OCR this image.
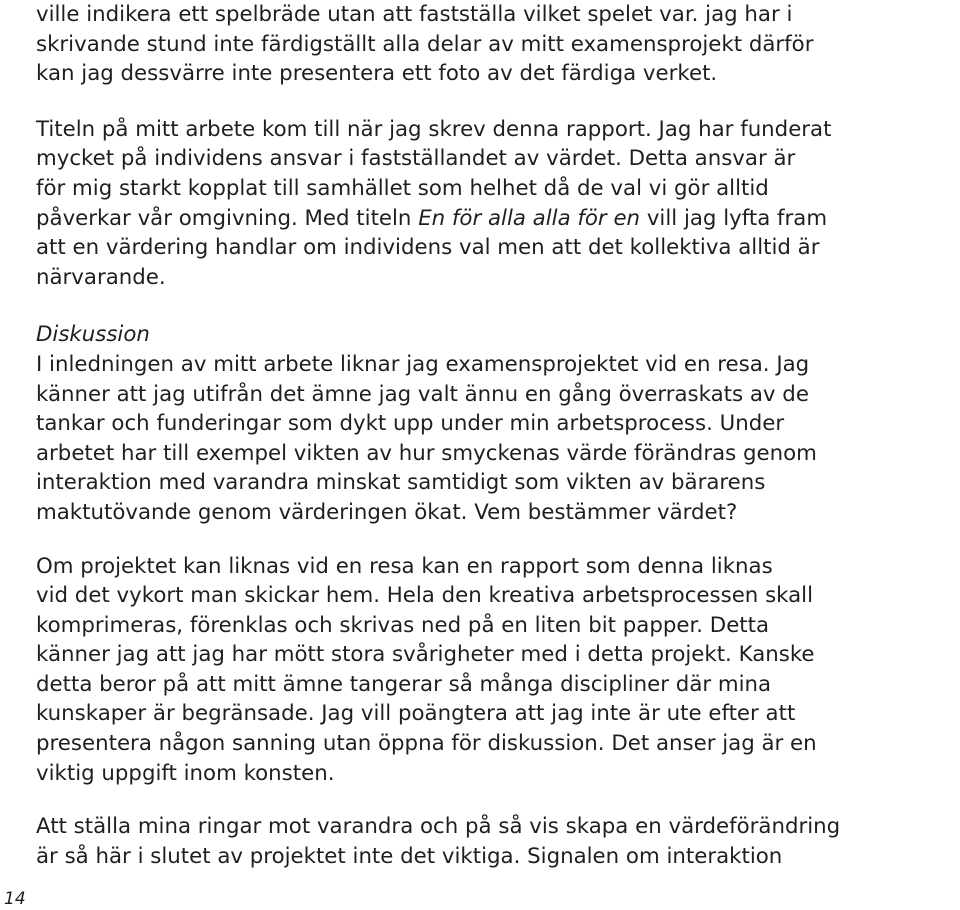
ville indikera ett spelbräde utan att fastställa vilket spelet var. jag har i
skrivande stund inte färdigställt alla delar av mitt examensprojekt därför
kan jag dessvärre inte presentera ett foto av det färdiga verket.

Titeln på mitt arbete kom till när jag skrev denna rapport. Jag har funderat
mycket på individens ansvar i fastställandet av värdet. Detta ansvar är
för mig starkt kopplat till samhället som helhet då de val vi gör alltid
påverkar vår omgivning. Med titeln En för alla alla för en vill jag lyfta fram
att en värdering handlar om individens val men att det kollektiva alltid är
närvarande.

Diskussion

I inledningen av mitt arbete liknar jag examensprojektet vid en resa. Jag
känner att jag utifrån det ämne jag valt ännu en gång överraskats av de
tankar och funderingar som dykt upp under min arbetsprocess. Under
arbetet har till exempel vikten av hur smyckenas värde förändras genom
interaktion med varandra minskat samtidigt som vikten av bärarens
maktutövande genom värderingen ökat. Vem bestämmer värdet?

Om projektet kan liknas vid en resa kan en rapport som denna liknas
vid det vykort man skickar hem. Hela den kreativa arbetsprocessen skall
komprimeras, förenklas och skrivas ned på en liten bit papper. Detta
känner jag att jag har mött stora svårigheter med i detta projekt. Kanske
detta beror på att mitt ämne tangerar så många discipliner där mina
kunskaper är begränsade. Jag vill poängtera att jag inte är ute efter att
presentera någon sanning utan öppna för diskussion. Det anser jag är en
viktig uppgift inom konsten.

Att ställa mina ringar mot varandra och på så vis skapa en värdeförändring
är så här i slutet av projektet inte det viktiga. Signalen om interaktion

14
